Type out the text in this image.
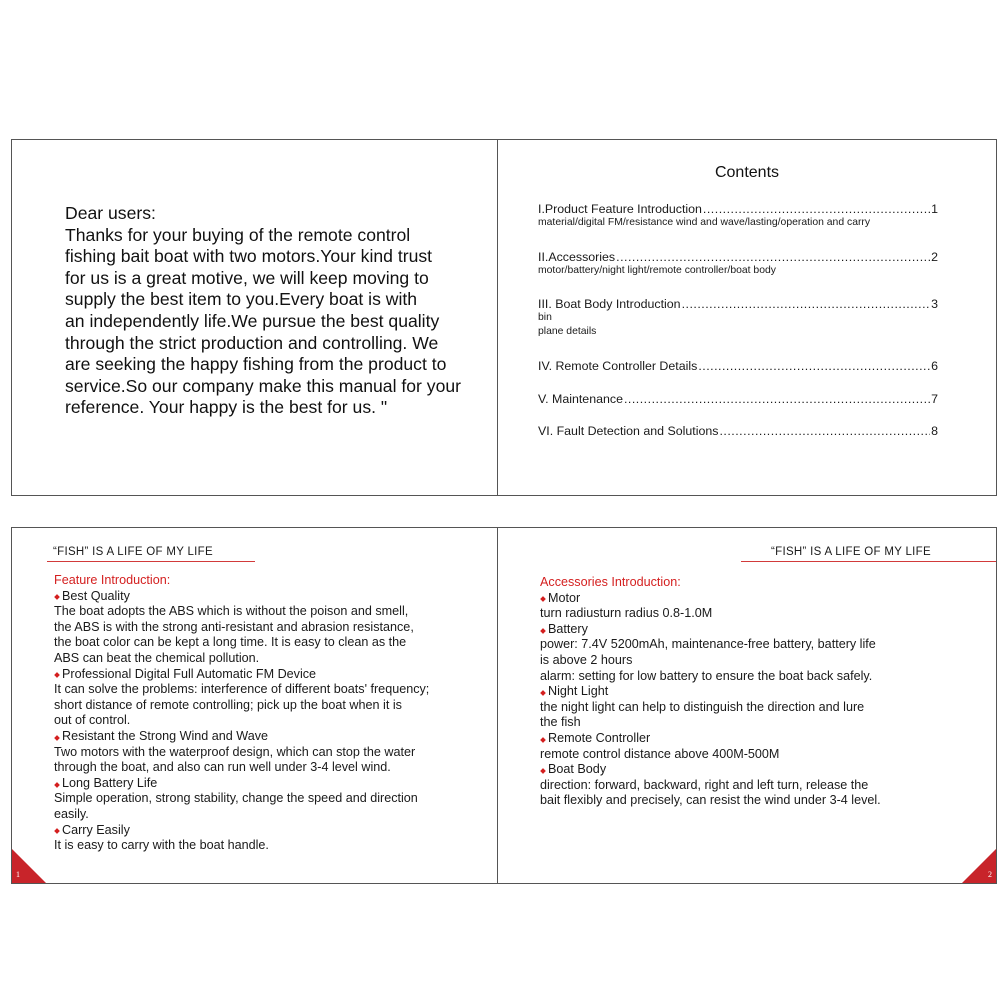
Dear users:

Thanks for your buying of the remote control

fishing bait boat with two motors.Your kind trust

for us is a great motive, we will keep moving to

supply the best item to you.Every boat is with

an independently life.We pursue the best quality

through the strict production and controlling. We

are seeking the happy fishing from the product to

service.So our company make this manual for your

reference. Your happy is the best for us. "

Contents
I.Product Feature Introduction .....	1
material/digital FM/resistance wind and wave/lasting/operation and carry
II.Accessories .....	2
motor/battery/night light/remote controller/boat body
III. Boat Body Introduction .....	3
bin
plane details
IV. Remote Controller Details .....	6
V. Maintenance .....	7
VI. Fault Detection and Solutions .....	8
“FISH” IS A LIFE OF MY LIFE
Feature Introduction:
Best Quality
The boat adopts the ABS which is without the poison and smell,
the ABS is with the strong anti-resistant and abrasion resistance,
the boat color can be kept a long time. It is easy to clean as the
ABS can beat the chemical pollution.
Professional Digital Full Automatic FM Device
It can solve the problems: interference of different boats' frequency;
short distance of remote controlling; pick up the boat when it is
out of control.
Resistant the Strong Wind and Wave
Two motors with the waterproof design, which can stop the water
through the boat, and also can run well under 3-4 level wind.
Long Battery Life
Simple operation, strong stability, change the speed and direction
easily.
Carry Easily
It is easy to carry with the boat handle.
1
“FISH” IS A LIFE OF MY LIFE
Accessories Introduction:
Motor
turn radiusturn radius 0.8-1.0M
Battery
power: 7.4V 5200mAh, maintenance-free battery, battery life
is above 2 hours
alarm: setting for low battery to ensure the boat back safely.
Night Light
the night light can help to distinguish the direction and lure
the fish
Remote Controller
remote control distance above 400M-500M
Boat Body
direction: forward, backward, right and left turn, release the
bait flexibly and precisely, can resist the wind under 3-4 level.
2
